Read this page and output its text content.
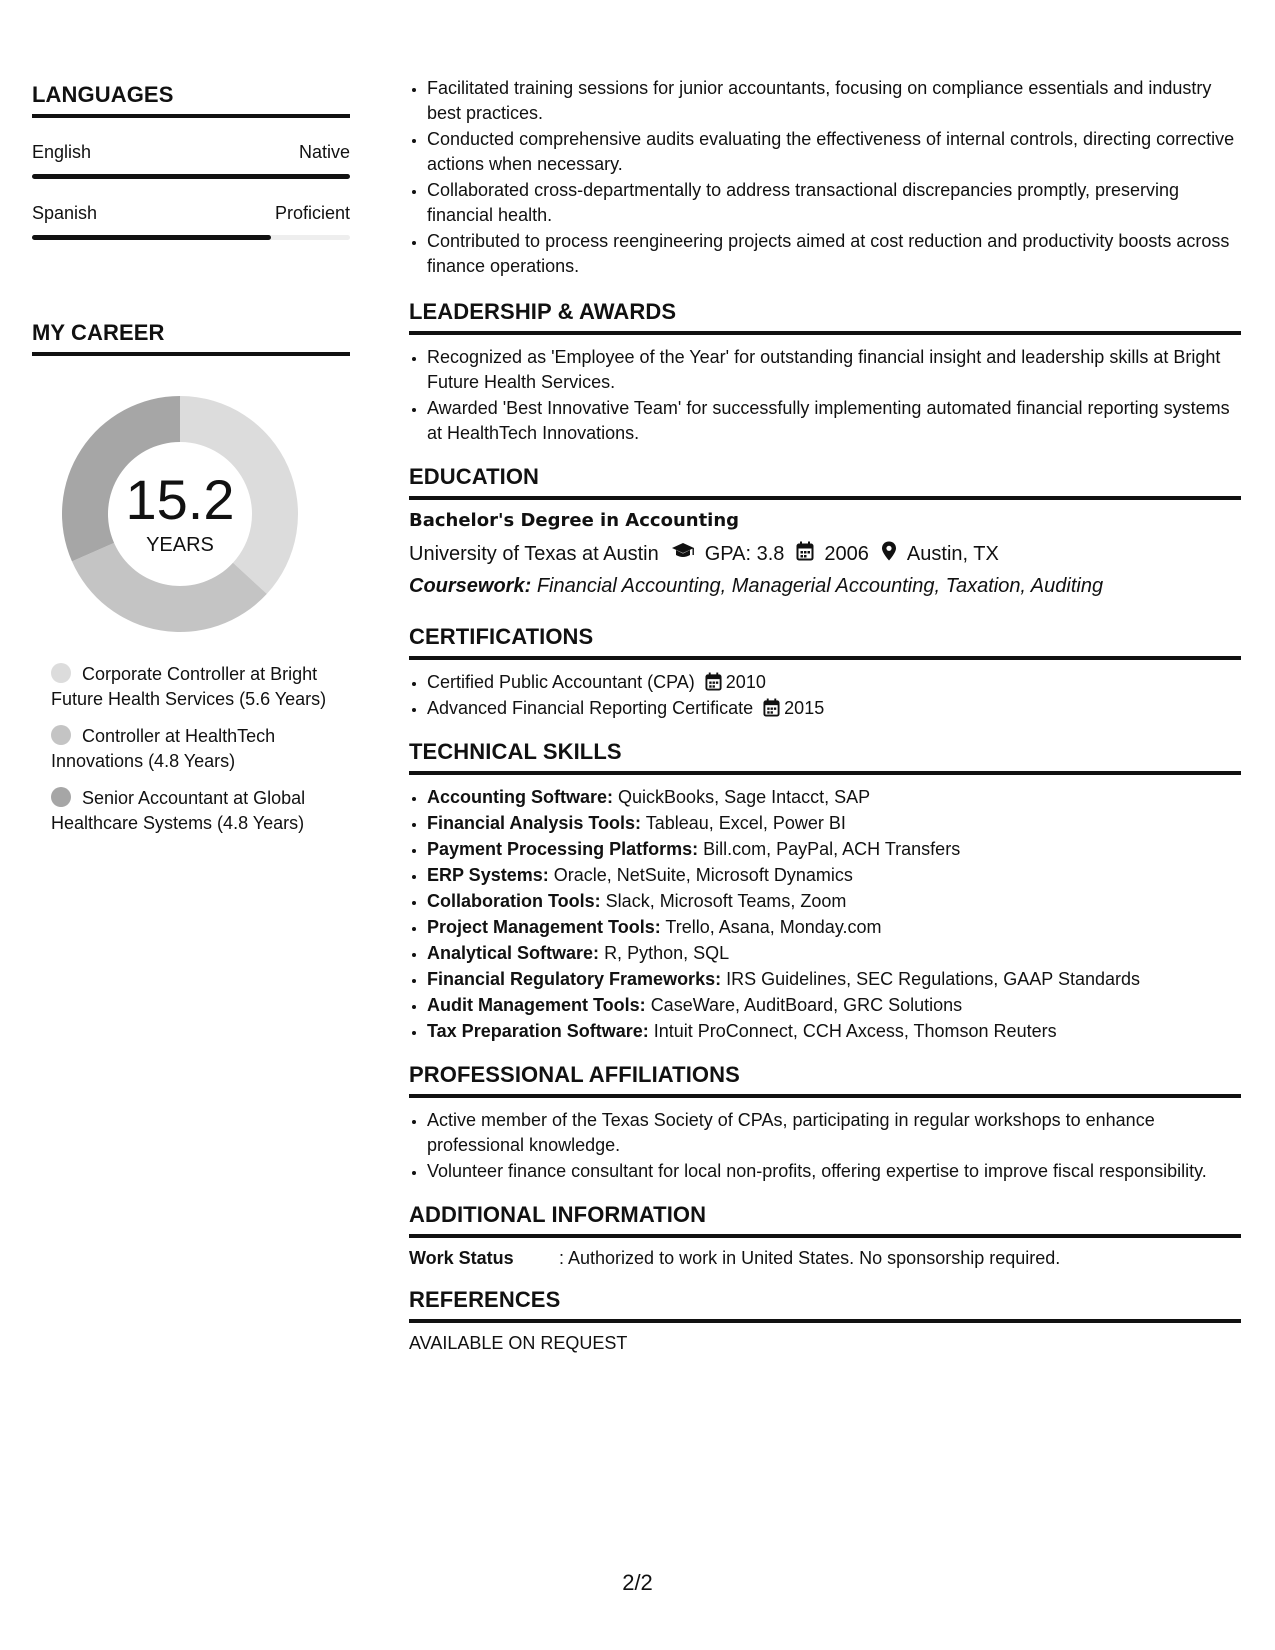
LANGUAGES
English	Native
Spanish	Proficient
MY CAREER
15.2
YEARS
Corporate Controller at Bright Future Health Services (5.6 Years)
Controller at HealthTech Innovations (4.8 Years)
Senior Accountant at Global Healthcare Systems (4.8 Years)
• Facilitated training sessions for junior accountants, focusing on compliance essentials and industry best practices.
• Conducted comprehensive audits evaluating the effectiveness of internal controls, directing corrective actions when necessary.
• Collaborated cross-departmentally to address transactional discrepancies promptly, preserving financial health.
• Contributed to process reengineering projects aimed at cost reduction and productivity boosts across finance operations.
LEADERSHIP & AWARDS
• Recognized as 'Employee of the Year' for outstanding financial insight and leadership skills at Bright Future Health Services.
• Awarded 'Best Innovative Team' for successfully implementing automated financial reporting systems at HealthTech Innovations.
EDUCATION
Bachelor's Degree in Accounting
University of Texas at Austin GPA: 3.8 2006 Austin, TX
Coursework: Financial Accounting, Managerial Accounting, Taxation, Auditing
CERTIFICATIONS
• Certified Public Accountant (CPA) 2010
• Advanced Financial Reporting Certificate 2015
TECHNICAL SKILLS
• Accounting Software: QuickBooks, Sage Intacct, SAP
• Financial Analysis Tools: Tableau, Excel, Power BI
• Payment Processing Platforms: Bill.com, PayPal, ACH Transfers
• ERP Systems: Oracle, NetSuite, Microsoft Dynamics
• Collaboration Tools: Slack, Microsoft Teams, Zoom
• Project Management Tools: Trello, Asana, Monday.com
• Analytical Software: R, Python, SQL
• Financial Regulatory Frameworks: IRS Guidelines, SEC Regulations, GAAP Standards
• Audit Management Tools: CaseWare, AuditBoard, GRC Solutions
• Tax Preparation Software: Intuit ProConnect, CCH Axcess, Thomson Reuters
PROFESSIONAL AFFILIATIONS
• Active member of the Texas Society of CPAs, participating in regular workshops to enhance professional knowledge.
• Volunteer finance consultant for local non-profits, offering expertise to improve fiscal responsibility.
ADDITIONAL INFORMATION
Work Status	: Authorized to work in United States. No sponsorship required.
REFERENCES
AVAILABLE ON REQUEST
2/2
